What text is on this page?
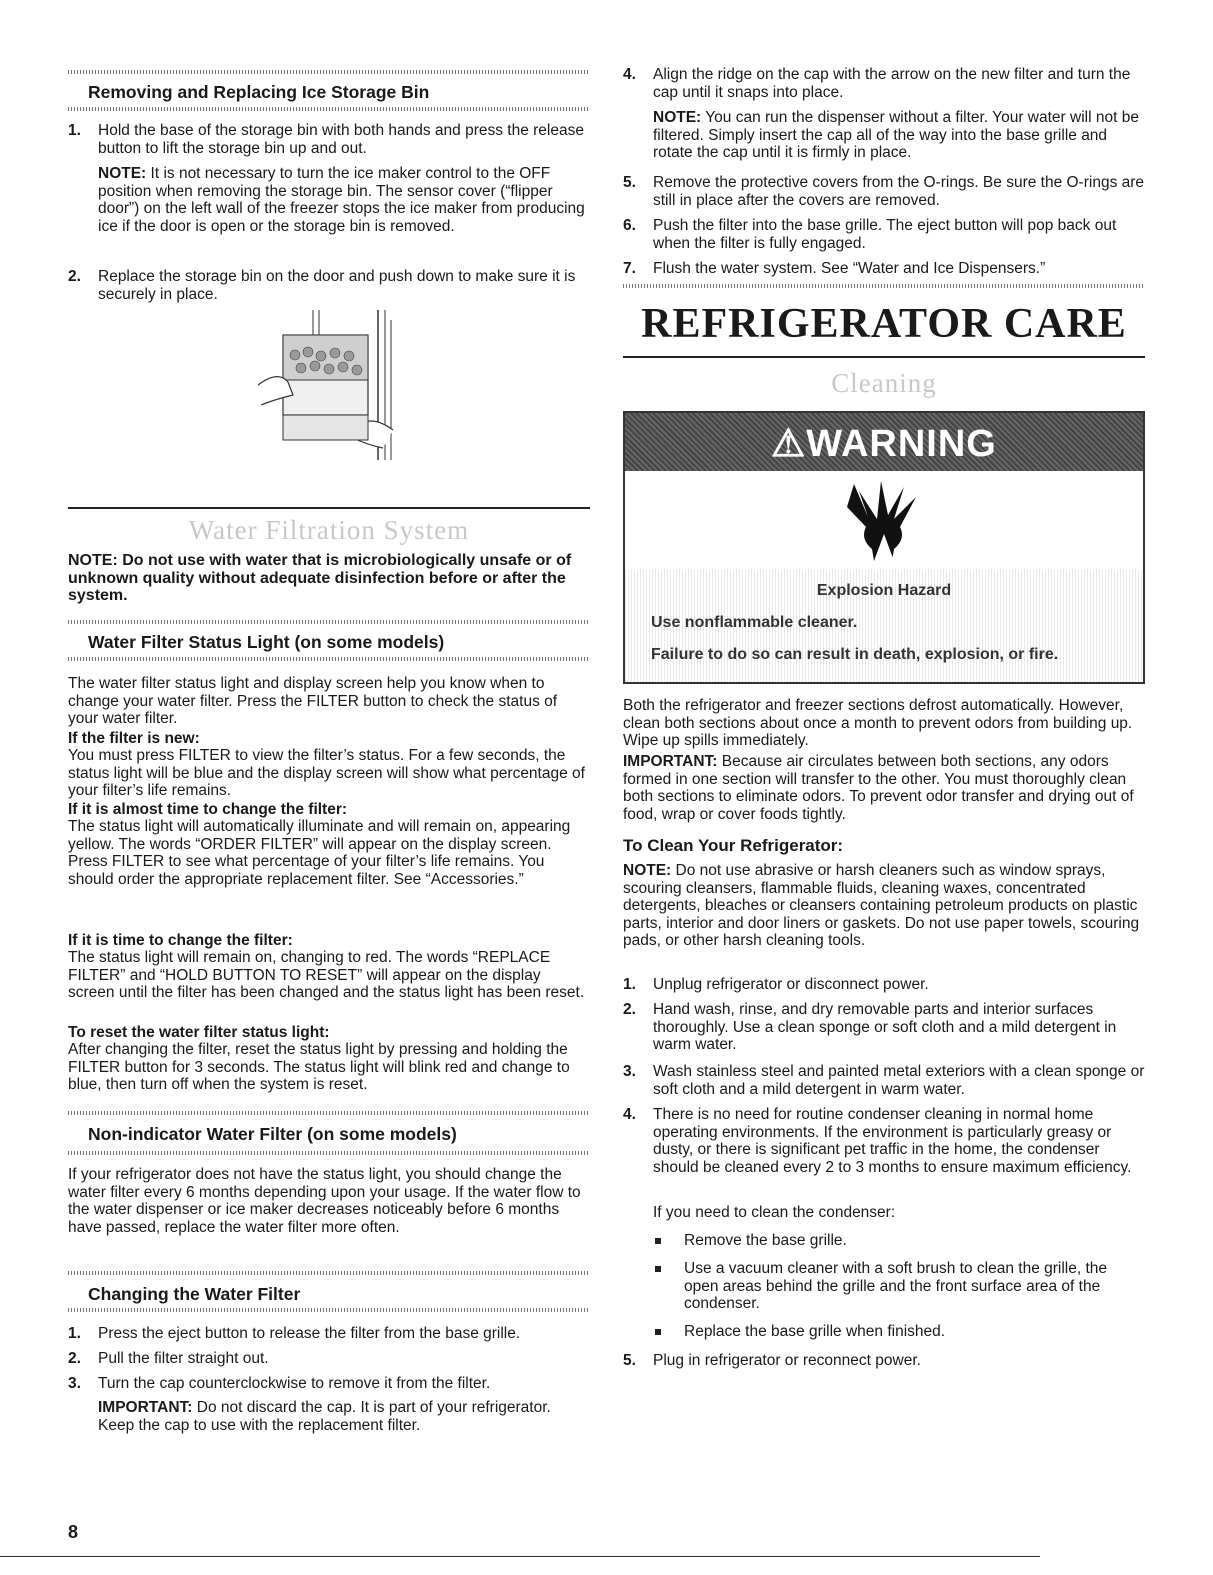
Removing and Replacing Ice Storage Bin
1. Hold the base of the storage bin with both hands and press the release button to lift the storage bin up and out.

NOTE: It is not necessary to turn the ice maker control to the OFF position when removing the storage bin. The sensor cover (“flipper door”) on the left wall of the freezer stops the ice maker from producing ice if the door is open or the storage bin is removed.

2. Replace the storage bin on the door and push down to make sure it is securely in place.
Water Filtration System

NOTE: Do not use with water that is microbiologically unsafe or of unknown quality without adequate disinfection before or after the system.

Water Filter Status Light (on some models)

The water filter status light and display screen help you know when to change your water filter. Press the FILTER button to check the status of your water filter.

If the filter is new:

You must press FILTER to view the filter’s status. For a few seconds, the status light will be blue and the display screen will show what percentage of your filter’s life remains.

If it is almost time to change the filter:

The status light will automatically illuminate and will remain on, appearing yellow. The words “ORDER FILTER” will appear on the display screen. Press FILTER to see what percentage of your filter’s life remains. You should order the appropriate replacement filter. See “Accessories.”

If it is time to change the filter:

The status light will remain on, changing to red. The words “REPLACE FILTER” and “HOLD BUTTON TO RESET” will appear on the display screen until the filter has been changed and the status light has been reset.

To reset the water filter status light:

After changing the filter, reset the status light by pressing and holding the FILTER button for 3 seconds. The status light will blink red and change to blue, then turn off when the system is reset.

Non-indicator Water Filter (on some models)

If your refrigerator does not have the status light, you should change the water filter every 6 months depending upon your usage. If the water flow to the water dispenser or ice maker decreases noticeably before 6 months have passed, replace the water filter more often.

Changing the Water Filter
1. Press the eject button to release the filter from the base grille.
2. Pull the filter straight out.
3. Turn the cap counterclockwise to remove it from the filter.

IMPORTANT: Do not discard the cap. It is part of your refrigerator. Keep the cap to use with the replacement filter.

4. Align the ridge on the cap with the arrow on the new filter and turn the cap until it snaps into place.

NOTE: You can run the dispenser without a filter. Your water will not be filtered. Simply insert the cap all of the way into the base grille and rotate the cap until it is firmly in place.

5. Remove the protective covers from the O-rings. Be sure the O-rings are still in place after the covers are removed.
6. Push the filter into the base grille. The eject button will pop back out when the filter is fully engaged.
7. Flush the water system. See “Water and Ice Dispensers.”
REFRIGERATOR CARE
Cleaning
⚠WARNING
Explosion Hazard
Use nonflammable cleaner.
Failure to do so can result in death, explosion, or fire.

Both the refrigerator and freezer sections defrost automatically. However, clean both sections about once a month to prevent odors from building up. Wipe up spills immediately.

IMPORTANT: Because air circulates between both sections, any odors formed in one section will transfer to the other. You must thoroughly clean both sections to eliminate odors. To prevent odor transfer and drying out of food, wrap or cover foods tightly.

To Clean Your Refrigerator:

NOTE: Do not use abrasive or harsh cleaners such as window sprays, scouring cleansers, flammable fluids, cleaning waxes, concentrated detergents, bleaches or cleansers containing petroleum products on plastic parts, interior and door liners or gaskets. Do not use paper towels, scouring pads, or other harsh cleaning tools.

1. Unplug refrigerator or disconnect power.
2. Hand wash, rinse, and dry removable parts and interior surfaces thoroughly. Use a clean sponge or soft cloth and a mild detergent in warm water.
3. Wash stainless steel and painted metal exteriors with a clean sponge or soft cloth and a mild detergent in warm water.
4. There is no need for routine condenser cleaning in normal home operating environments. If the environment is particularly greasy or dusty, or there is significant pet traffic in the home, the condenser should be cleaned every 2 to 3 months to ensure maximum efficiency.
If you need to clean the condenser:
Remove the base grille.
Use a vacuum cleaner with a soft brush to clean the grille, the open areas behind the grille and the front surface area of the condenser.
Replace the base grille when finished.
5. Plug in refrigerator or reconnect power.
8
